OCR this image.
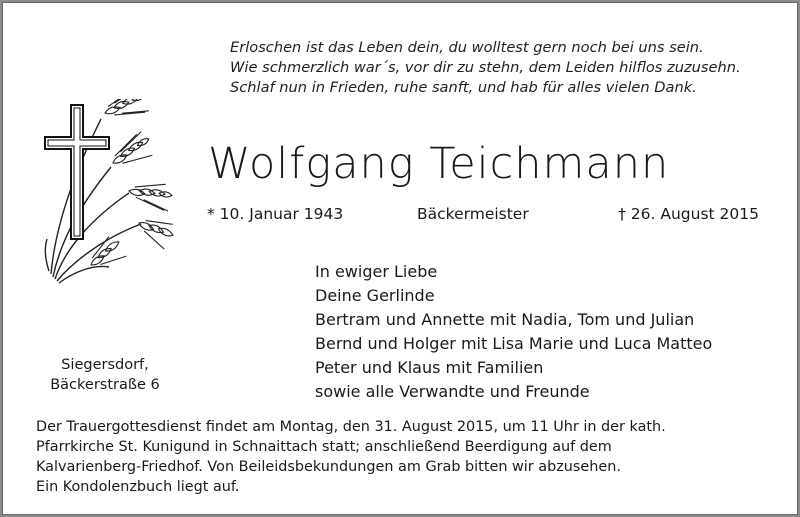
Erloschen ist das Leben dein, du wolltest gern noch bei uns sein.
Wie schmerzlich war´s, vor dir zu stehn, dem Leiden hilflos zuzusehn.
Schlaf nun in Frieden, ruhe sanft, und hab für alles vielen Dank.
Wolfgang Teichmann
* 10. Januar 1943	Bäckermeister	† 26. August 2015
In ewiger Liebe
Deine Gerlinde
Bertram und Annette mit Nadia, Tom und Julian
Bernd und Holger mit Lisa Marie und Luca Matteo
Peter und Klaus mit Familien
sowie alle Verwandte und Freunde
Siegersdorf,
Bäckerstraße 6
Der Trauergottesdienst findet am Montag, den 31. August 2015, um 11 Uhr in der kath.
Pfarrkirche St. Kunigund in Schnaittach statt; anschließend Beerdigung auf dem
Kalvarienberg-Friedhof. Von Beileidsbekundungen am Grab bitten wir abzusehen.
Ein Kondolenzbuch liegt auf.
